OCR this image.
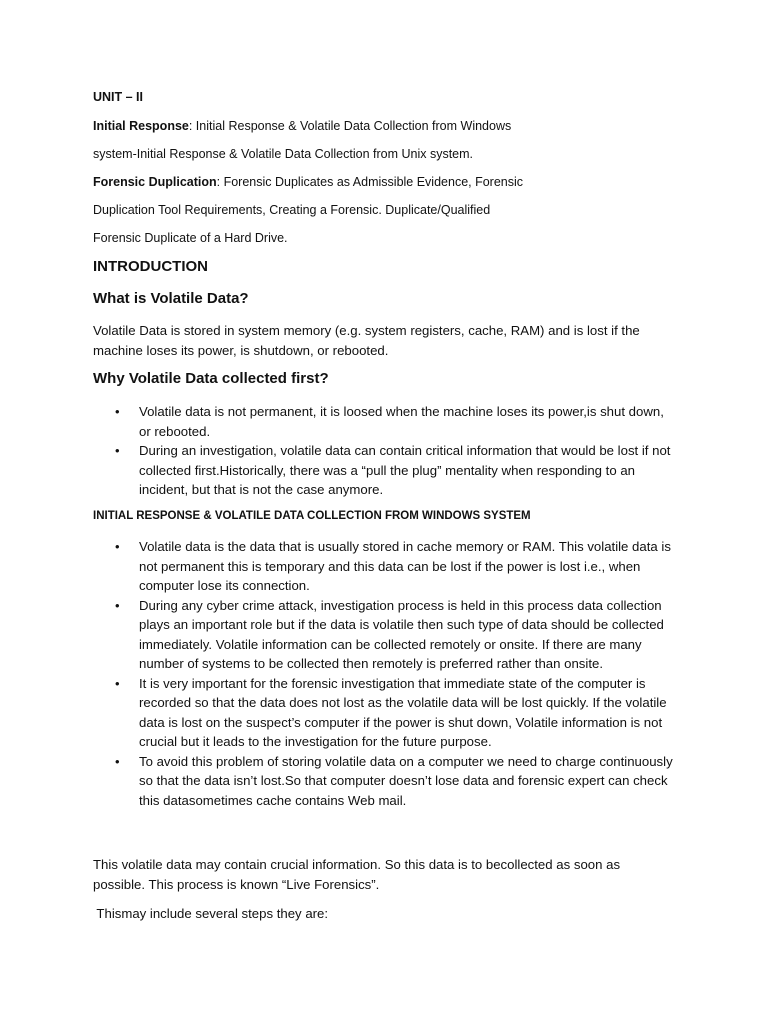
UNIT – II

Initial Response: Initial Response & Volatile Data Collection from Windows

system-Initial Response & Volatile Data Collection from Unix system.

Forensic Duplication: Forensic Duplicates as Admissible Evidence, Forensic

Duplication Tool Requirements, Creating a Forensic. Duplicate/Qualified

Forensic Duplicate of a Hard Drive.

INTRODUCTION
What is Volatile Data?

Volatile Data is stored in system memory (e.g. system registers, cache, RAM) and is lost if the machine loses its power, is shutdown, or rebooted.

Why Volatile Data collected first?
• Volatile data is not permanent, it is loosed when the machine loses its power,is shut down, or rebooted.
• During an investigation, volatile data can contain critical information that would be lost if not collected first.Historically, there was a “pull the plug” mentality when responding to an incident, but that is not the case anymore.

INITIAL RESPONSE & VOLATILE DATA COLLECTION FROM WINDOWS SYSTEM

• Volatile data is the data that is usually stored in cache memory or RAM. This volatile data is not permanent this is temporary and this data can be lost if the power is lost i.e., when computer lose its connection.
• During any cyber crime attack, investigation process is held in this process data collection plays an important role but if the data is volatile then such type of data should be collected immediately. Volatile information can be collected remotely or onsite. If there are many number of systems to be collected then remotely is preferred rather than onsite.
• It is very important for the forensic investigation that immediate state of the computer is recorded so that the data does not lost as the volatile data will be lost quickly. If the volatile data is lost on the suspect’s computer if the power is shut down, Volatile information is not crucial but it leads to the investigation for the future purpose.
• To avoid this problem of storing volatile data on a computer we need to charge continuously so that the data isn’t lost.So that computer doesn’t lose data and forensic expert can check this datasometimes cache contains Web mail.

This volatile data may contain crucial information. So this data is to becollected as soon as possible. This process is known “Live Forensics”.

Thismay include several steps they are:
